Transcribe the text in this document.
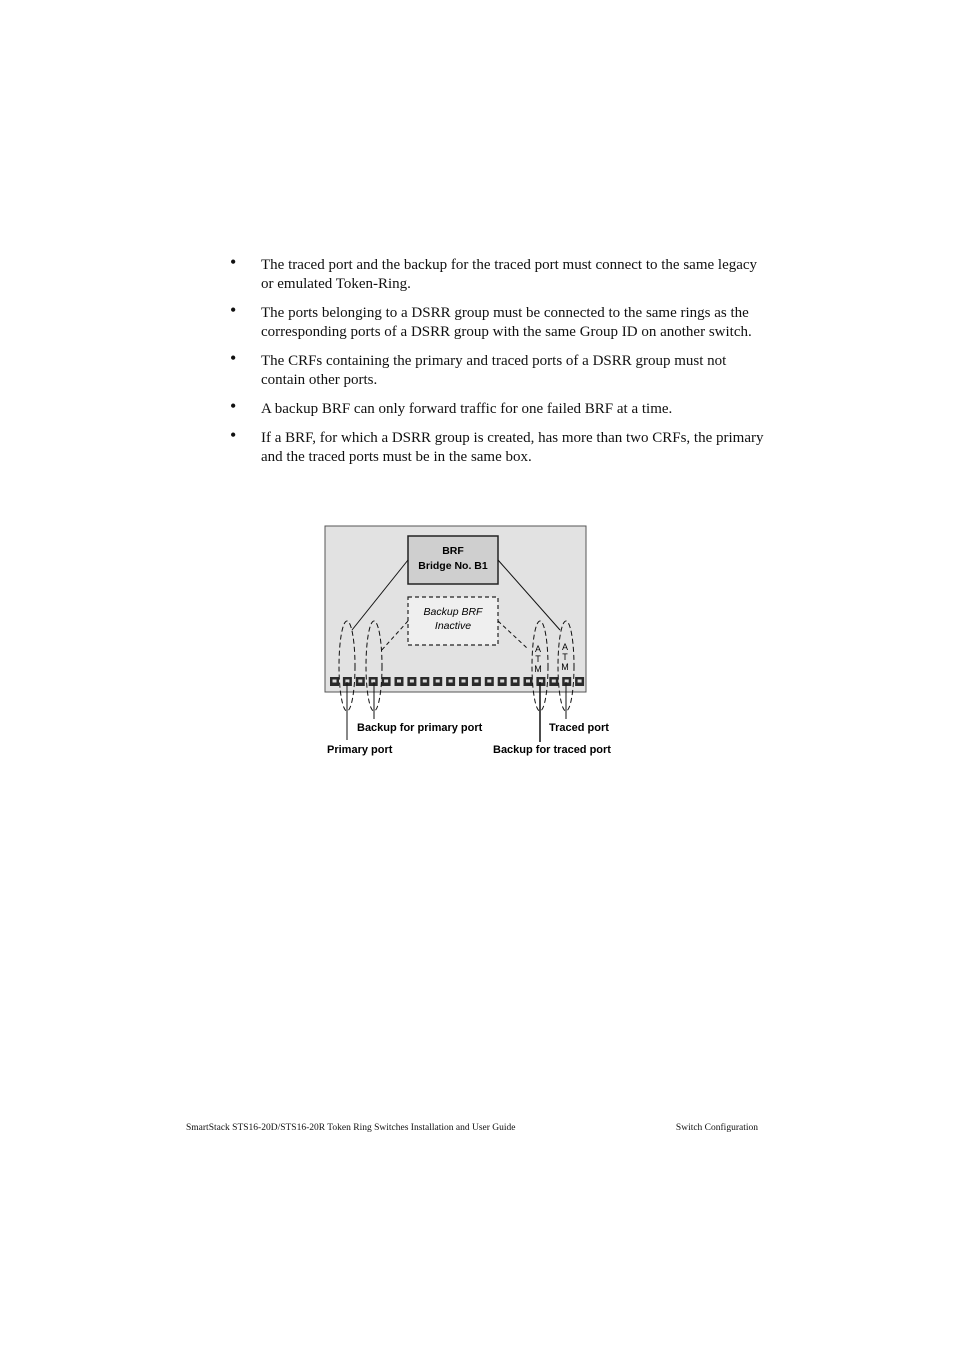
• The traced port and the backup for the traced port must connect to the same legacy or emulated Token-Ring.
• The ports belonging to a DSRR group must be connected to the same rings as the corresponding ports of a DSRR group with the same Group ID on another switch.
• The CRFs containing the primary and traced ports of a DSRR group must not contain other ports.
• A backup BRF can only forward traffic for one failed BRF at a time.
• If a BRF, for which a DSRR group is created, has more than two CRFs, the primary and the traced ports must be in the same box.
BRF
Bridge No. B1
Backup BRF
Inactive
A
T
M
A
T
M
Backup for primary port
Primary port
Traced port
Backup for traced port
SmartStack STS16-20D/STS16-20R Token Ring Switches Installation and User Guide	Switch Configuration
